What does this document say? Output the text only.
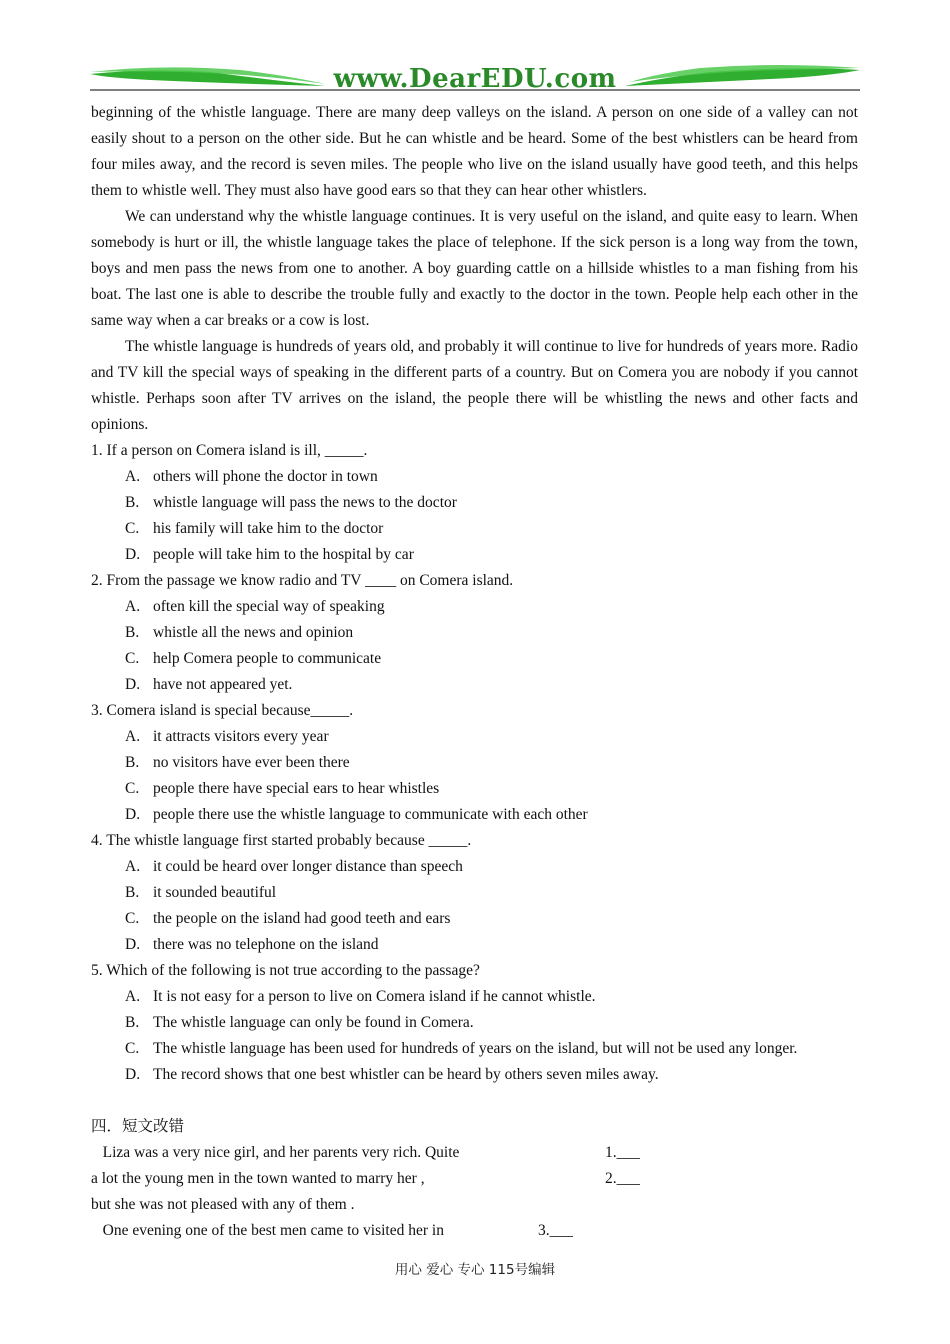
www.DearEDU.com

beginning of the whistle language. There are many deep valleys on the island. A person on one side of a valley can not easily shout to a person on the other side. But he can whistle and be heard. Some of the best whistlers can be heard from four miles away, and the record is seven miles. The people who live on the island usually have good teeth, and this helps them to whistle well. They must also have good ears so that they can hear other whistlers.

We can understand why the whistle language continues. It is very useful on the island, and quite easy to learn. When somebody is hurt or ill, the whistle language takes the place of telephone. If the sick person is a long way from the town, boys and men pass the news from one to another. A boy guarding cattle on a hillside whistles to a man fishing from his boat. The last one is able to describe the trouble fully and exactly to the doctor in the town. People help each other in the same way when a car breaks or a cow is lost.

The whistle language is hundreds of years old, and probably it will continue to live for hundreds of years more. Radio and TV kill the special ways of speaking in the different parts of a country. But on Comera you are nobody if you cannot whistle. Perhaps soon after TV arrives on the island, the people there will be whistling the news and other facts and opinions.

1. If a person on Comera island is ill, _____.

A. others will phone the doctor in town

B. whistle language will pass the news to the doctor

C. his family will take him to the doctor

D. people will take him to the hospital by car

2. From the passage we know radio and TV ____ on Comera island.

A. often kill the special way of speaking

B. whistle all the news and opinion

C. help Comera people to communicate

D. have not appeared yet.

3. Comera island is special because_____.

A. it attracts visitors every year

B. no visitors have ever been there

C. people there have special ears to hear whistles

D. people there use the whistle language to communicate with each other

4. The whistle language first started probably because _____.

A. it could be heard over longer distance than speech

B. it sounded beautiful

C. the people on the island had good teeth and ears

D. there was no telephone on the island

5. Which of the following is not true according to the passage?

A. It is not easy for a person to live on Comera island if he cannot whistle.

B. The whistle language can only be found in Comera.

C. The whistle language has been used for hundreds of years on the island, but will not be used any longer.

D. The record shows that one best whistler can be heard by others seven miles away.

四．短文改错

Liza was a very nice girl, and her parents very rich. Quite	1.___
a lot the young men in the town wanted to marry her ,	2.___
but she was not pleased with any of them .
One evening one of the best men came to visited her in	3.___
用心 爱心 专心 115号编辑
